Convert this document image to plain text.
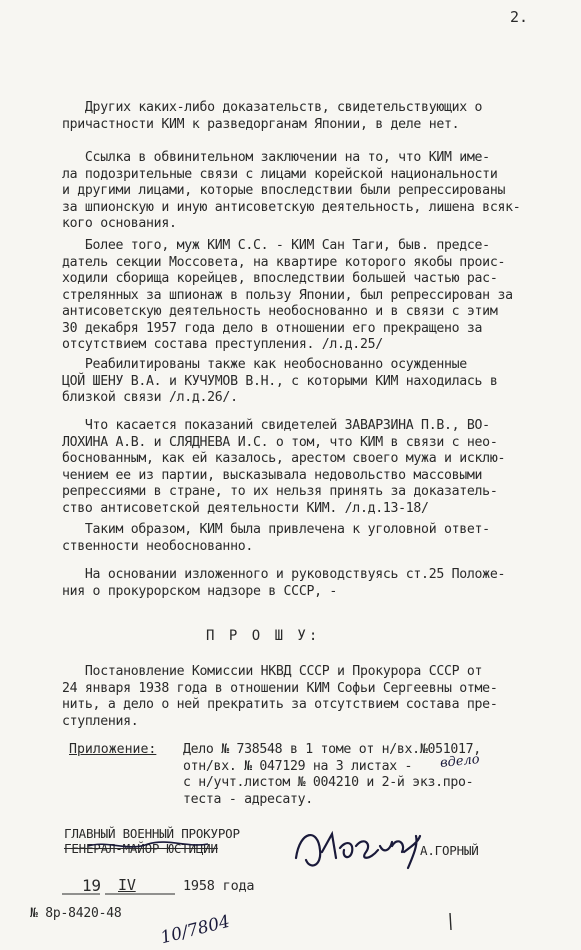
2.
Других каких-либо доказательств, свидетельствующих о
причастности КИМ к разведорганам Японии, в деле нет.
Ссылка в обвинительном заключении на то, что КИМ име-
ла подозрительные связи с лицами корейской национальности
и другими лицами, которые впоследствии были репрессированы
за шпионскую и иную антисоветскую деятельность, лишена всяк-
кого основания.
Более того, муж КИМ С.С. - КИМ Сан Таги, быв. предсе-
датель секции Моссовета, на квартире которого якобы проис-
ходили сборища корейцев, впоследствии большей частью рас-
стрелянных за шпионаж в пользу Японии, был репрессирован за
антисоветскую деятельность необоснованно и в связи с этим
30 декабря 1957 года дело в отношении его прекращено за
отсутствием состава преступления. /л.д.25/
Реабилитированы также как необоснованно осужденные
ЦОЙ ШЕНУ В.А. и КУЧУМОВ В.Н., с которыми КИМ находилась в
близкой связи /л.д.26/.
Что касается показаний свидетелей ЗАВАРЗИНА П.В., ВО-
ЛОХИНА А.В. и СЛЯДНЕВА И.С. о том, что КИМ в связи с нео-
боснованным, как ей казалось, арестом своего мужа и исклю-
чением ее из партии, высказывала недовольство массовыми
репрессиями в стране, то их нельзя принять за доказатель-
ство антисоветской деятельности КИМ. /л.д.13-18/
Таким образом, КИМ была привлечена к уголовной ответ-
ственности необоснованно.
На основании изложенного и руководствуясь ст.25 Положе-
ния о прокурорском надзоре в СССР, -
П Р О Ш У:
Постановление Комиссии НКВД СССР и Прокурора СССР от
24 января 1938 года в отношении КИМ Софьи Сергеевны отме-
нить, а дело о ней прекратить за отсутствием состава пре-
ступления.
Приложение: Дело № 738548 в 1 томе от н/вх.№051017,
отн/вх. № 047129 на 3 листах -
с н/учт.листом № 004210 и 2-й экз.про-
теста - адресату.
вдело
ГЛАВНЫЙ ВОЕННЫЙ ПРОКУРОР
ГЕНЕРАЛ-МАЙОР ЮСТИЦИИ	А.ГОРНЫЙ
19 IV	1958 года
№ 8р-8420-48 10/7804
